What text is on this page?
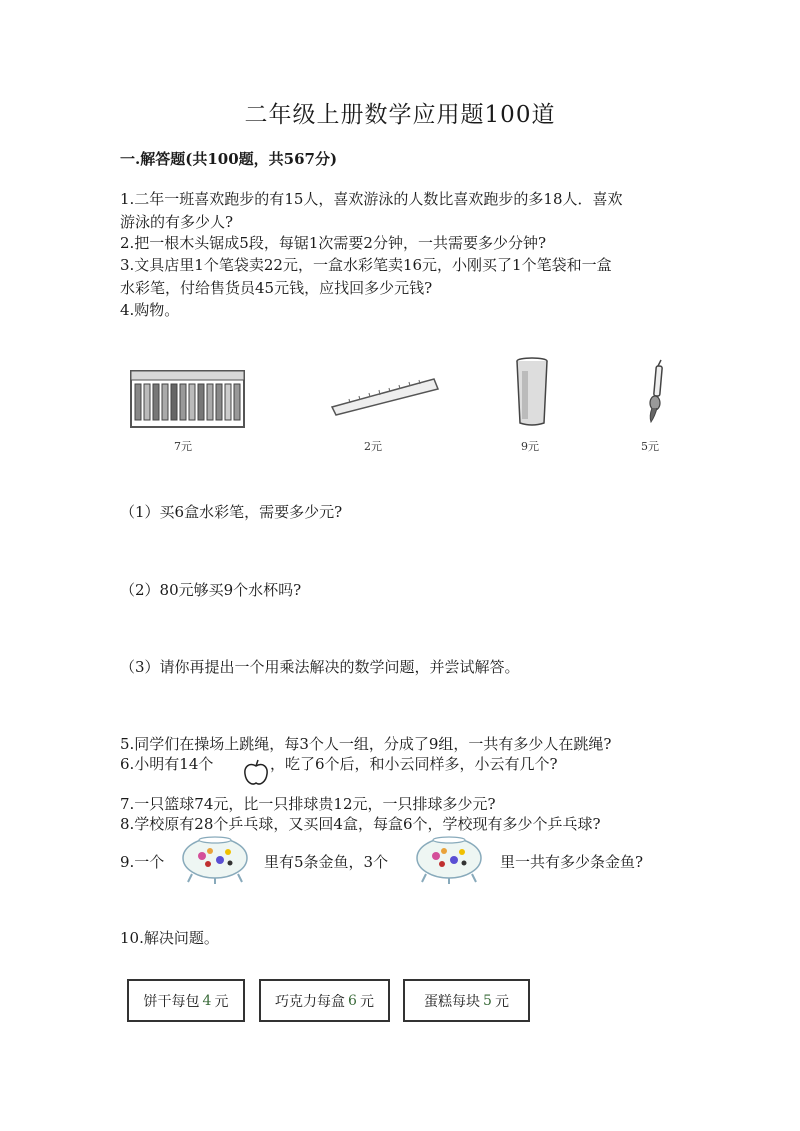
二年级上册数学应用题100道
一.解答题(共100题，共567分)
1.二年一班喜欢跑步的有15人，喜欢游泳的人数比喜欢跑步的多18人．喜欢
游泳的有多少人?
2.把一根木头锯成5段，每锯1次需要2分钟，一共需要多少分钟?
3.文具店里1个笔袋卖22元，一盒水彩笔卖16元，小刚买了1个笔袋和一盒
水彩笔，付给售货员45元钱，应找回多少元钱?
4.购物。
7元	2元	9元	5元
（1）买6盒水彩笔，需要多少元?
（2）80元够买9个水杯吗?
（3）请你再提出一个用乘法解决的数学问题，并尝试解答。
5.同学们在操场上跳绳，每3个人一组，分成了9组，一共有多少人在跳绳?
6.小明有14个	，吃了6个后，和小云同样多，小云有几个?
7.一只篮球74元，比一只排球贵12元，一只排球多少元?
8.学校原有28个乒乓球，又买回4盒，每盒6个，学校现有多少个乒乓球?
9.一个	里有5条金鱼，3个	里一共有多少条金鱼?
10.解决问题。
饼干每包 4 元	巧克力每盒 6 元	蛋糕每块 5 元
